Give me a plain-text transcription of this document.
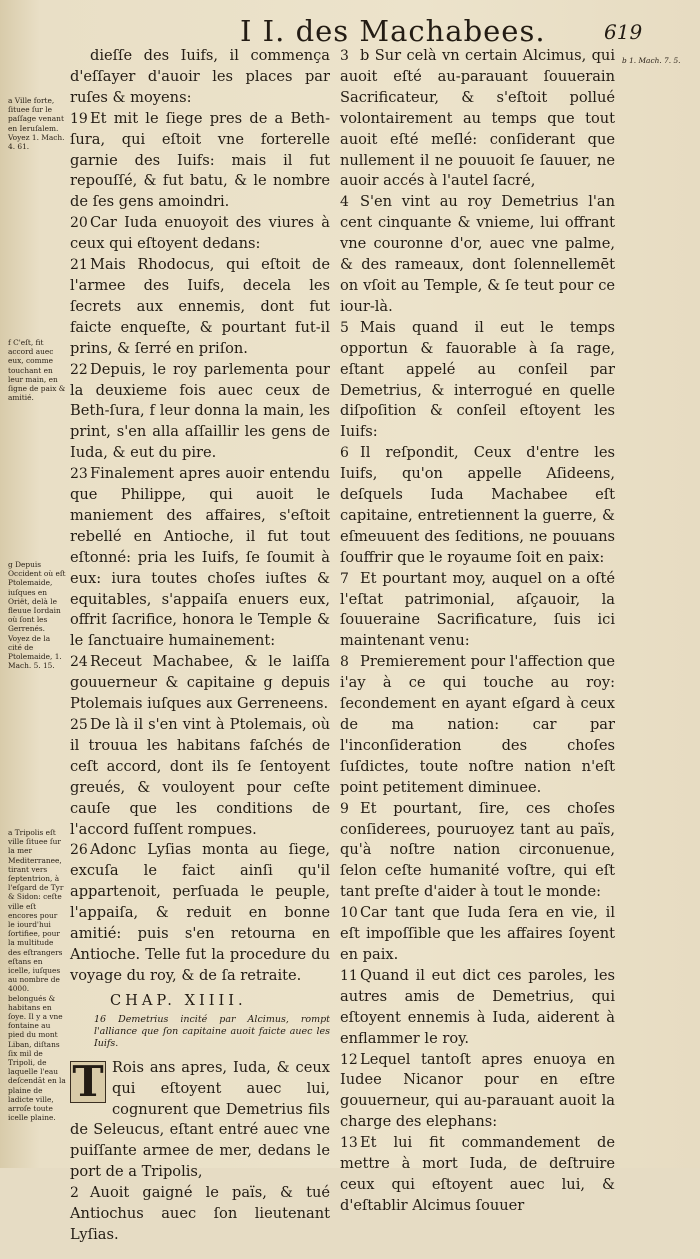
I I. des Machabees.	619
a Ville forte, ſituee ſur le paſſage venant en Ieruſalem. Voyez 1. Mach. 4. 61.
f C'eſt, fit accord auec eux, comme touchant en leur main, en ſigne de paix & amitié.
g Depuis Occident où eſt Ptolemaide, iuſques en Oriët, delà le fleuue Iordain où ſont les Gerrenés. Voyez de la cité de Ptolemaide, 1. Mach. 5. 15.
a Tripolis eſt ville ſituee ſur la mer Mediterranee, tirant vers ſeptentrion, à l'eſgard de Tyr & Sidon: ceſte ville eſt encores pour le iourd'hui ſortifiee, pour la multitude des eſtrangers eſtans en icelle, iuſques au nombre de 4000. belongués & habitans en ſoye. Il y a vne fontaine au pied du mont Liban, diſtans ſix mil de Tripoli, de laquelle l'eau deſcendāt en la plaine de ladicte ville, arroſe toute icelle plaine.
b 1. Mach. 7. 5.

dieſſe des Iuifs, il commença d'eſſayer d'auoir les places par ruſes & moyens:

19 Et mit le ſiege pres de a Beth-ſura, qui eſtoit vne forterelle garnie des Iuifs: mais il fut repouſſé, & fut batu, & le nombre de ſes gens amoindri.

20 Car Iuda enuoyoit des viures à ceux qui eſtoyent dedans:

21 Mais Rhodocus, qui eſtoit de l'armee des Iuifs, decela les ſecrets aux ennemis, dont fut faicte enqueſte, & pourtant fut-il prins, & ſerré en priſon.

22 Depuis, le roy parlementa pour la deuxieme fois auec ceux de Beth-ſura, f leur donna la main, les print, s'en alla aſſaillir les gens de Iuda, & eut du pire.

23 Finalement apres auoir entendu que Philippe, qui auoit le maniement des affaires, s'eſtoit rebellé en Antioche, il fut tout eſtonné: pria les Iuifs, ſe ſoumit à eux: iura toutes choſes iuſtes & equitables, s'appaiſa enuers eux, offrit ſacrifice, honora le Temple & le ſanctuaire humainement:

24 Receut Machabee, & le laiſſa gouuerneur & capitaine g depuis Ptolemais iuſques aux Gerreneens.

25 De là il s'en vint à Ptolemais, où il trouua les habitans faſchés de ceſt accord, dont ils ſe ſentoyent greués, & vouloyent pour ceſte cauſe que les conditions de l'accord fuſſent rompues.

26 Adonc Lyſias monta au ſiege, excuſa le faict ainſi qu'il appartenoit, perſuada le peuple, l'appaiſa, & reduit en bonne amitié: puis s'en retourna en Antioche. Telle fut la procedure du voyage du roy, & de ſa retraite.

CHAP. XIIII.

16 Demetrius incité par Alcimus, rompt l'alliance que ſon capitaine auoit faicte auec les Iuifs.

T Rois ans apres, Iuda, & ceux qui eſtoyent auec lui, cognurent que Demetrius fils de Seleucus, eſtant entré auec vne puiſſante armee de mer, dedans le port de a Tripolis,

2 Auoit gaigné le païs, & tué Antiochus auec ſon lieutenant Lyſias.

3 b Sur celà vn certain Alcimus, qui auoit eſté au-parauant ſouuerain Sacrificateur, & s'eſtoit pollué volontairement au temps que tout auoit eſté meſlé: conſiderant que nullement il ne pouuoit ſe ſauuer, ne auoir accés à l'autel ſacré,

4 S'en vint au roy Demetrius l'an cent cinquante & vnieme, lui offrant vne couronne d'or, auec vne palme, & des rameaux, dont ſolennellemēt on vſoit au Temple, & ſe teut pour ce iour-là.

5 Mais quand il eut le temps opportun & fauorable à ſa rage, eſtant appelé au conſeil par Demetrius, & interrogué en quelle diſpoſition & conſeil eſtoyent les Iuifs:

6 Il reſpondit, Ceux d'entre les Iuifs, qu'on appelle Aſideens, deſquels Iuda Machabee eſt capitaine, entretiennent la guerre, & eſmeuuent des ſeditions, ne pouuans ſouffrir que le royaume ſoit en paix:

7 Et pourtant moy, auquel on a oſté l'eſtat patrimonial, aſçauoir, la ſouueraine Sacrificature, ſuis ici maintenant venu:

8 Premierement pour l'affection que i'ay à ce qui touche au roy: ſecondement en ayant eſgard à ceux de ma nation: car par l'inconſideration des choſes ſuſdictes, toute noſtre nation n'eſt point petitement diminuee.

9 Et pourtant, ſire, ces choſes conſiderees, pouruoyez tant au païs, qu'à noſtre nation circonuenue, ſelon ceſte humanité voſtre, qui eſt tant preſte d'aider à tout le monde:

10 Car tant que Iuda ſera en vie, il eſt impoſſible que les affaires ſoyent en paix.

11 Quand il eut dict ces paroles, les autres amis de Demetrius, qui eſtoyent ennemis à Iuda, aiderent à enflammer le roy.

12 Lequel tantoſt apres enuoya en Iudee Nicanor pour en eſtre gouuerneur, qui au-parauant auoit la charge des elephans:

13 Et lui fit commandement de mettre à mort Iuda, de deſtruire ceux qui eſtoyent auec lui, & d'eſtablir Alcimus ſouuer
